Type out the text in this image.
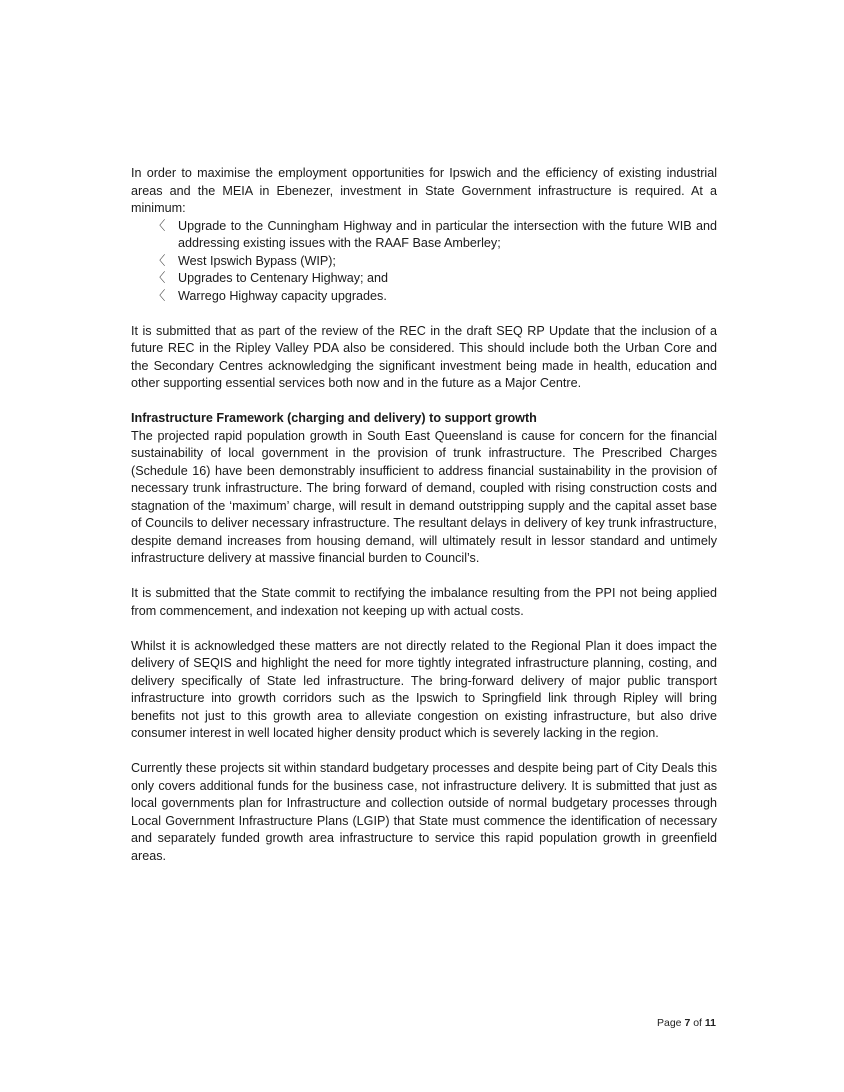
In order to maximise the employment opportunities for Ipswich and the efficiency of existing industrial areas and the MEIA in Ebenezer, investment in State Government infrastructure is required. At a minimum:

〈 Upgrade to the Cunningham Highway and in particular the intersection with the future WIB and addressing existing issues with the RAAF Base Amberley;
〈 West Ipswich Bypass (WIP);
〈 Upgrades to Centenary Highway; and
〈 Warrego Highway capacity upgrades.

It is submitted that as part of the review of the REC in the draft SEQ RP Update that the inclusion of a future REC in the Ripley Valley PDA also be considered. This should include both the Urban Core and the Secondary Centres acknowledging the significant investment being made in health, education and other supporting essential services both now and in the future as a Major Centre.

Infrastructure Framework (charging and delivery) to support growth

The projected rapid population growth in South East Queensland is cause for concern for the financial sustainability of local government in the provision of trunk infrastructure. The Prescribed Charges (Schedule 16) have been demonstrably insufficient to address financial sustainability in the provision of necessary trunk infrastructure. The bring forward of demand, coupled with rising construction costs and stagnation of the ‘maximum’ charge, will result in demand outstripping supply and the capital asset base of Councils to deliver necessary infrastructure. The resultant delays in delivery of key trunk infrastructure, despite demand increases from housing demand, will ultimately result in lessor standard and untimely infrastructure delivery at massive financial burden to Council’s.

It is submitted that the State commit to rectifying the imbalance resulting from the PPI not being applied from commencement, and indexation not keeping up with actual costs.

Whilst it is acknowledged these matters are not directly related to the Regional Plan it does impact the delivery of SEQIS and highlight the need for more tightly integrated infrastructure planning, costing, and delivery specifically of State led infrastructure. The bring-forward delivery of major public transport infrastructure into growth corridors such as the Ipswich to Springfield link through Ripley will bring benefits not just to this growth area to alleviate congestion on existing infrastructure, but also drive consumer interest in well located higher density product which is severely lacking in the region.

Currently these projects sit within standard budgetary processes and despite being part of City Deals this only covers additional funds for the business case, not infrastructure delivery. It is submitted that just as local governments plan for Infrastructure and collection outside of normal budgetary processes through Local Government Infrastructure Plans (LGIP) that State must commence the identification of necessary and separately funded growth area infrastructure to service this rapid population growth in greenfield areas.

Page 7 of 11
